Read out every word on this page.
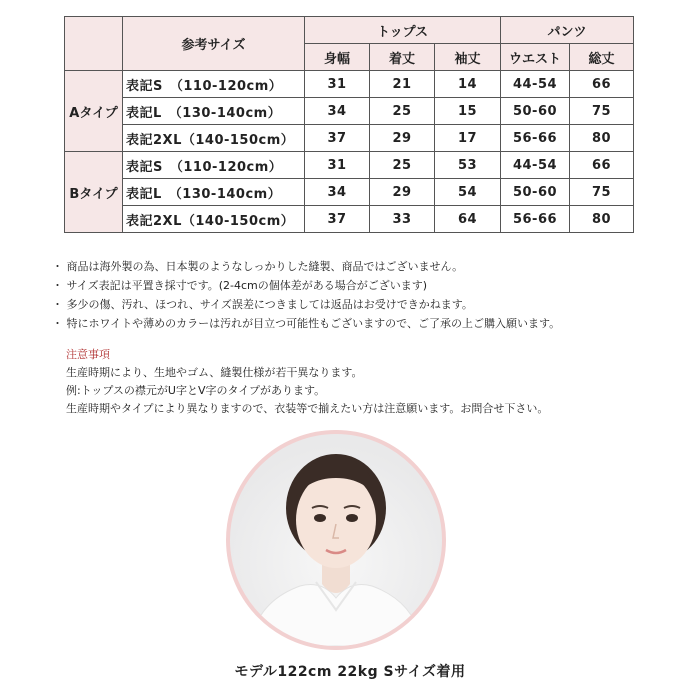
	参考サイズ	トップス			パンツ	
		身幅	着丈	袖丈	ウエスト	総丈
Aタイプ	表記S　（110-120cm）	31	21	14	44-54	66
	表記L　（130-140cm）	34	25	15	50-60	75
	表記2XL（140-150cm）	37	29	17	56-66	80
Bタイプ	表記S　（110-120cm）	31	25	53	44-54	66
	表記L　（130-140cm）	34	29	54	50-60	75
	表記2XL（140-150cm）	37	33	64	56-66	80
・ 商品は海外製の為、日本製のようなしっかりした縫製、商品ではございません。
・ サイズ表記は平置き採寸です。(2-4cmの個体差がある場合がございます)
・ 多少の傷、汚れ、ほつれ、サイズ誤差につきましては返品はお受けできかねます。
・ 特にホワイトや薄めのカラーは汚れが目立つ可能性もございますので、ご了承の上ご購入願います。
注意事項
生産時期により、生地やゴム、縫製仕様が若干異なります。
例:トップスの襟元がU字とV字のタイプがあります。
生産時期やタイプにより異なりますので、衣装等で揃えたい方は注意願います。お問合せ下さい。
モデル122cm 22kg Sサイズ着用
